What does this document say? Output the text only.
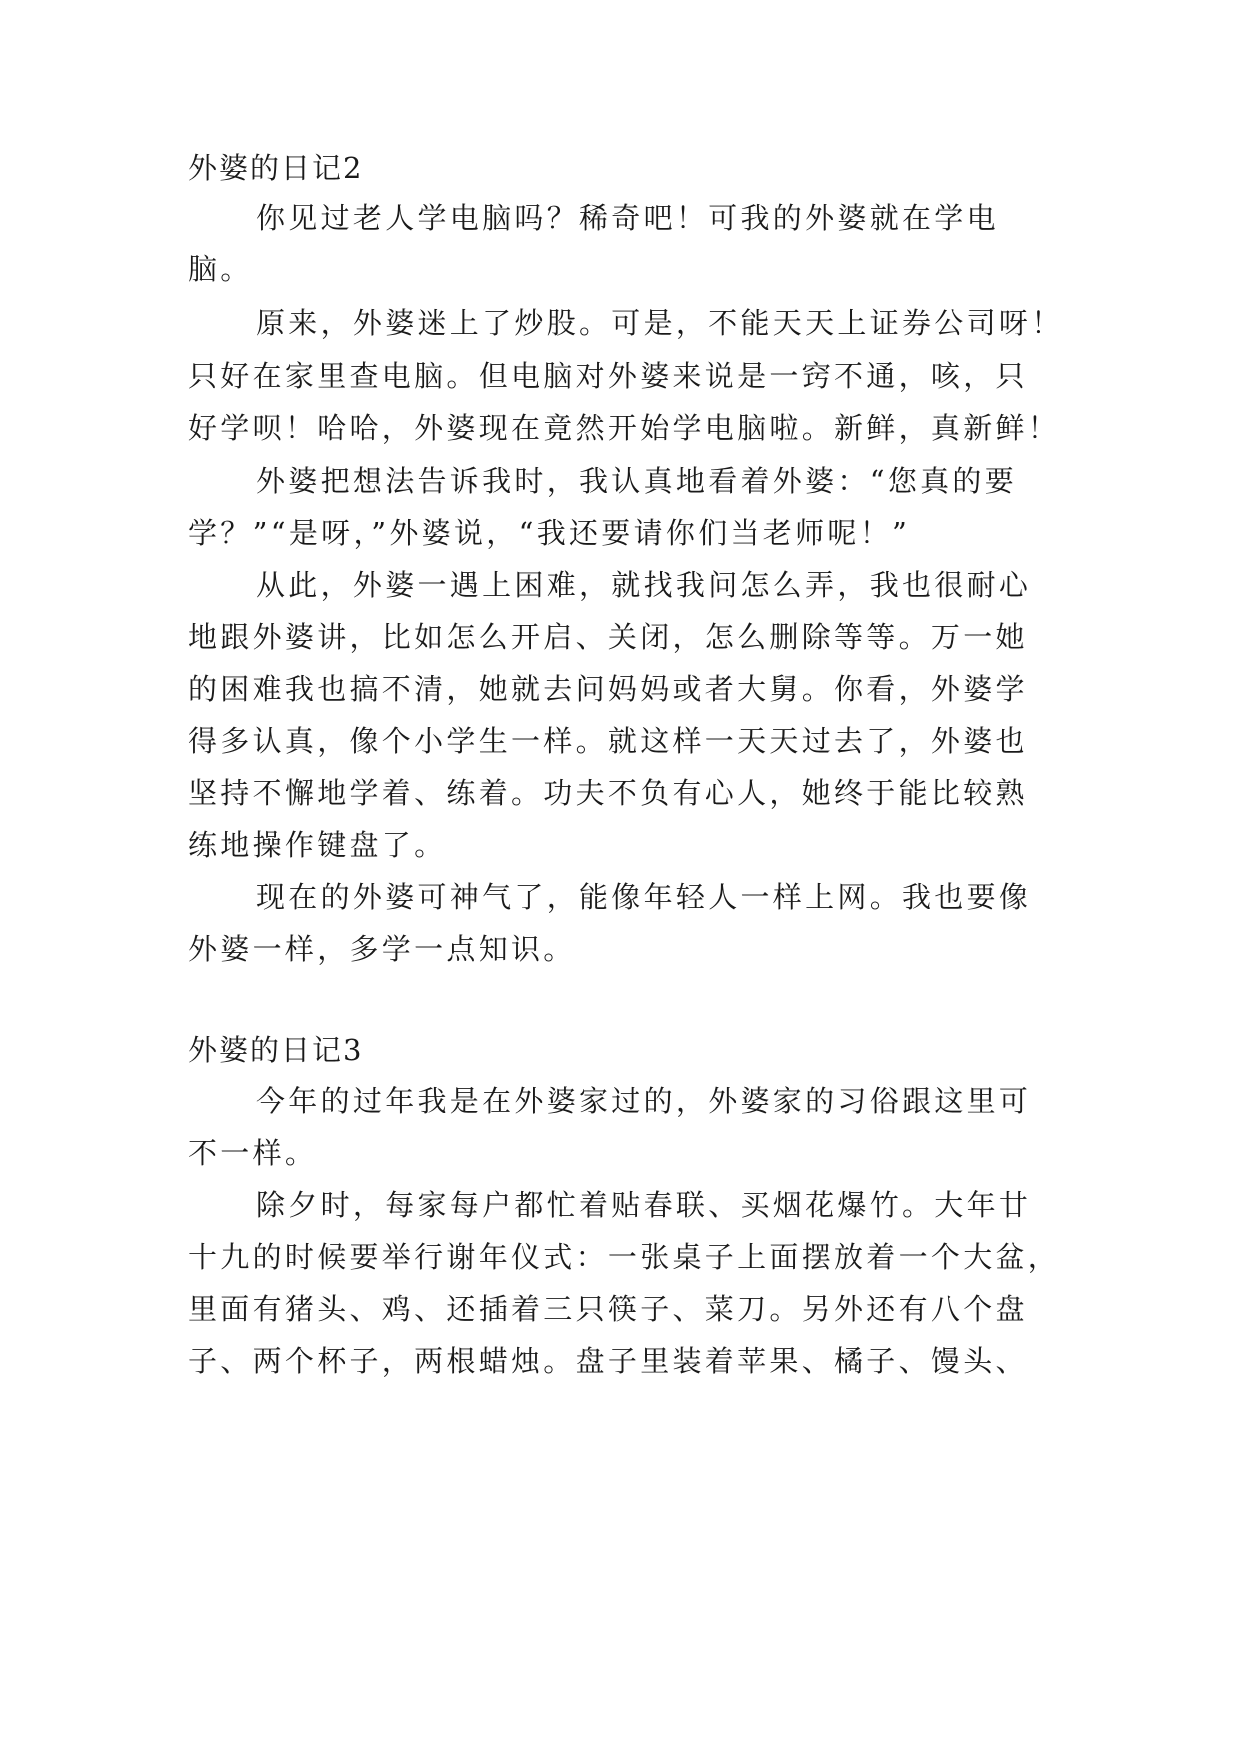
外婆的日记2
你见过老人学电脑吗？稀奇吧！可我的外婆就在学电
脑。
原来，外婆迷上了炒股。可是，不能天天上证券公司呀！
只好在家里查电脑。但电脑对外婆来说是一窍不通，咳，只
好学呗！哈哈，外婆现在竟然开始学电脑啦。新鲜，真新鲜！
外婆把想法告诉我时，我认真地看着外婆：“您真的要
学？”“是呀，”外婆说，“我还要请你们当老师呢！”
从此，外婆一遇上困难，就找我问怎么弄，我也很耐心
地跟外婆讲，比如怎么开启、关闭，怎么删除等等。万一她
的困难我也搞不清，她就去问妈妈或者大舅。你看，外婆学
得多认真，像个小学生一样。就这样一天天过去了，外婆也
坚持不懈地学着、练着。功夫不负有心人，她终于能比较熟
练地操作键盘了。
现在的外婆可神气了，能像年轻人一样上网。我也要像
外婆一样，多学一点知识。
外婆的日记3
今年的过年我是在外婆家过的，外婆家的习俗跟这里可
不一样。
除夕时，每家每户都忙着贴春联、买烟花爆竹。大年廿
十九的时候要举行谢年仪式：一张桌子上面摆放着一个大盆，
里面有猪头、鸡、还插着三只筷子、菜刀。另外还有八个盘
子、两个杯子，两根蜡烛。盘子里装着苹果、橘子、馒头、
